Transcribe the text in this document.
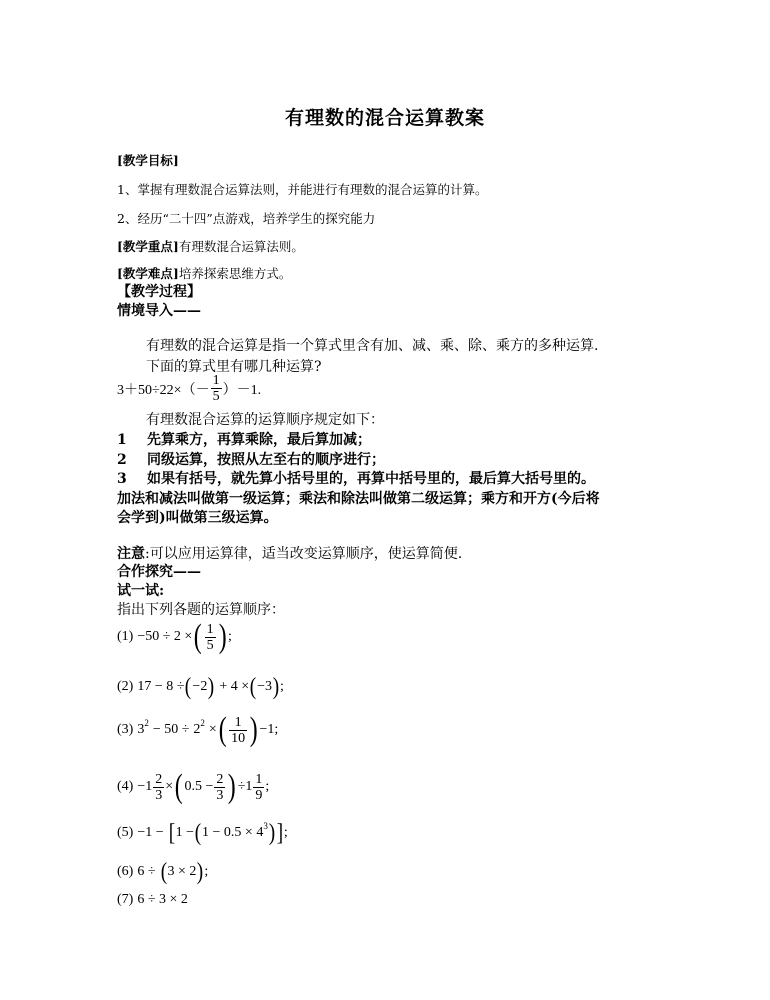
有理数的混合运算教案
[教学目标]
1、掌握有理数混合运算法则，并能进行有理数的混合运算的计算。
2、经历“二十四”点游戏，培养学生的探究能力
[教学重点]有理数混合运算法则。
[教学难点]培养探索思维方式。
【教学过程】
情境导入——
有理数的混合运算是指一个算式里含有加、减、乘、除、乘方的多种运算.
下面的算式里有哪几种运算?
$3+50\div 22\times(- \frac{1}{5} )-1$.
有理数混合运算的运算顺序规定如下：
1 先算乘方，再算乘除，最后算加减；
2 同级运算，按照从左至右的顺序进行；
3 如果有括号，就先算小括号里的，再算中括号里的，最后算大括号里的。
加法和减法叫做第一级运算；乘法和除法叫做第二级运算；乘方和开方(今后将
会学到)叫做第三级运算。
注意:可以应用运算律，适当改变运算顺序，使运算简便.
合作探究——
试一试:
指出下列各题的运算顺序：
(1) −50 ÷ 2 × ( $\frac{1}{5}$ ) ;
(2) 17 − 8 ÷ ( −2 ) + 4 × ( −3 ) ;
(3) 3 2 − 50 ÷ 2 2 × ( $\frac{1}{10}$ ) −1 ;
$(4) - 1 \frac{2}{3}$ × ( $0.5 - \frac{2}{3}$ ) ÷ $1 \frac{1}{9}$ ;
(5) −1 − [ 1 − ( 1 − 0.5 × 4 3 ) ] ;
(6) 6 ÷ ( 3 × 2 ) ;
(7) 6 ÷ 3 × 2
